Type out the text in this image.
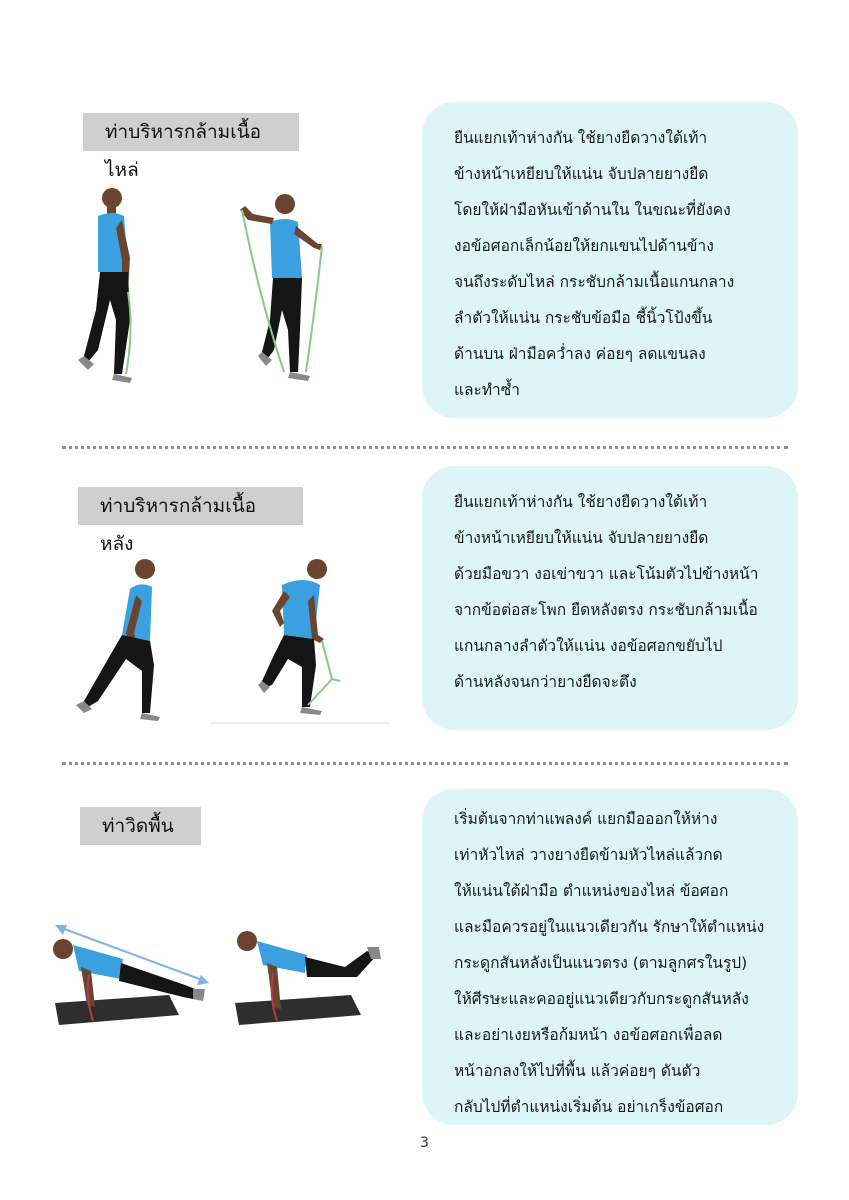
ท่าบริหารกล้ามเนื้อไหล่
ยืนแยกเท้าห่างกัน ใช้ยางยืดวางใต้เท้า
ข้างหน้าเหยียบให้แน่น จับปลายยางยืด
โดยให้ฝ่ามือหันเข้าด้านใน ในขณะที่ยังคง
งอข้อศอกเล็กน้อยให้ยกแขนไปด้านข้าง
จนถึงระดับไหล่ กระชับกล้ามเนื้อแกนกลาง
ลำตัวให้แน่น กระชับข้อมือ ชี้นิ้วโป้งขึ้น
ด้านบน ฝ่ามือคว่ำลง ค่อยๆ ลดแขนลง
และทำซ้ำ
ท่าบริหารกล้ามเนื้อหลัง
ยืนแยกเท้าห่างกัน ใช้ยางยืดวางใต้เท้า
ข้างหน้าเหยียบให้แน่น จับปลายยางยืด
ด้วยมือขวา งอเข่าขวา และโน้มตัวไปข้างหน้า
จากข้อต่อสะโพก ยืดหลังตรง กระชับกล้ามเนื้อ
แกนกลางลำตัวให้แน่น งอข้อศอกขยับไป
ด้านหลังจนกว่ายางยืดจะตึง
ท่าวิดพื้น	เริ่มต้นจากท่าแพลงค์ แยกมือออกให้ห่าง
เท่าหัวไหล่ วางยางยืดข้ามหัวไหล่แล้วกด
ให้แน่นใต้ฝ่ามือ ตำแหน่งของไหล่ ข้อศอก
และมือควรอยู่ในแนวเดียวกัน รักษาให้ตำแหน่ง
กระดูกสันหลังเป็นแนวตรง (ตามลูกศรในรูป)
ให้ศีรษะและคออยู่แนวเดียวกับกระดูกสันหลัง
และอย่าเงยหรือก้มหน้า งอข้อศอกเพื่อลด
หน้าอกลงให้ไปที่พื้น แล้วค่อยๆ ดันตัว
กลับไปที่ตำแหน่งเริ่มต้น อย่าเกร็งข้อศอก
3
